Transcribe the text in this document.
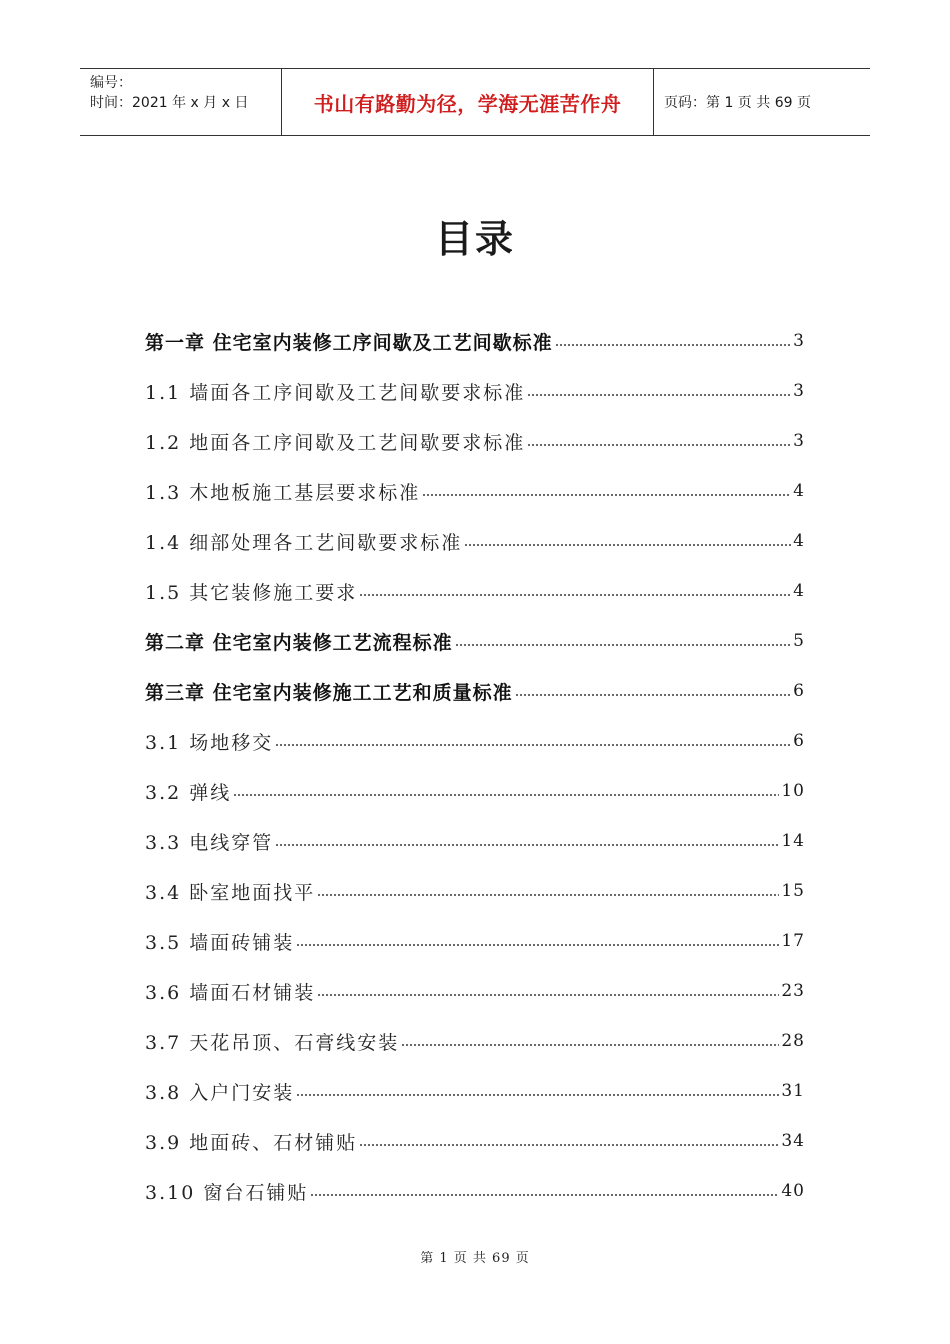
编号：
时间：2021 年 x 月 x 日	书山有路勤为径，学海无涯苦作舟	页码：第 1 页 共 69 页
目录
第一章 住宅室内装修工序间歇及工艺间歇标准	3
1.1 墙面各工序间歇及工艺间歇要求标准	3
1.2 地面各工序间歇及工艺间歇要求标准	3
1.3 木地板施工基层要求标准	4
1.4 细部处理各工艺间歇要求标准	4
1.5 其它装修施工要求	4
第二章 住宅室内装修工艺流程标准	5
第三章 住宅室内装修施工工艺和质量标准	6
3.1 场地移交	6
3.2 弹线	10
3.3 电线穿管	14
3.4 卧室地面找平	15
3.5 墙面砖铺装	17
3.6 墙面石材铺装	23
3.7 天花吊顶、石膏线安装	28
3.8 入户门安装	31
3.9 地面砖、石材铺贴	34
3.10 窗台石铺贴	40
第 1 页 共 69 页
